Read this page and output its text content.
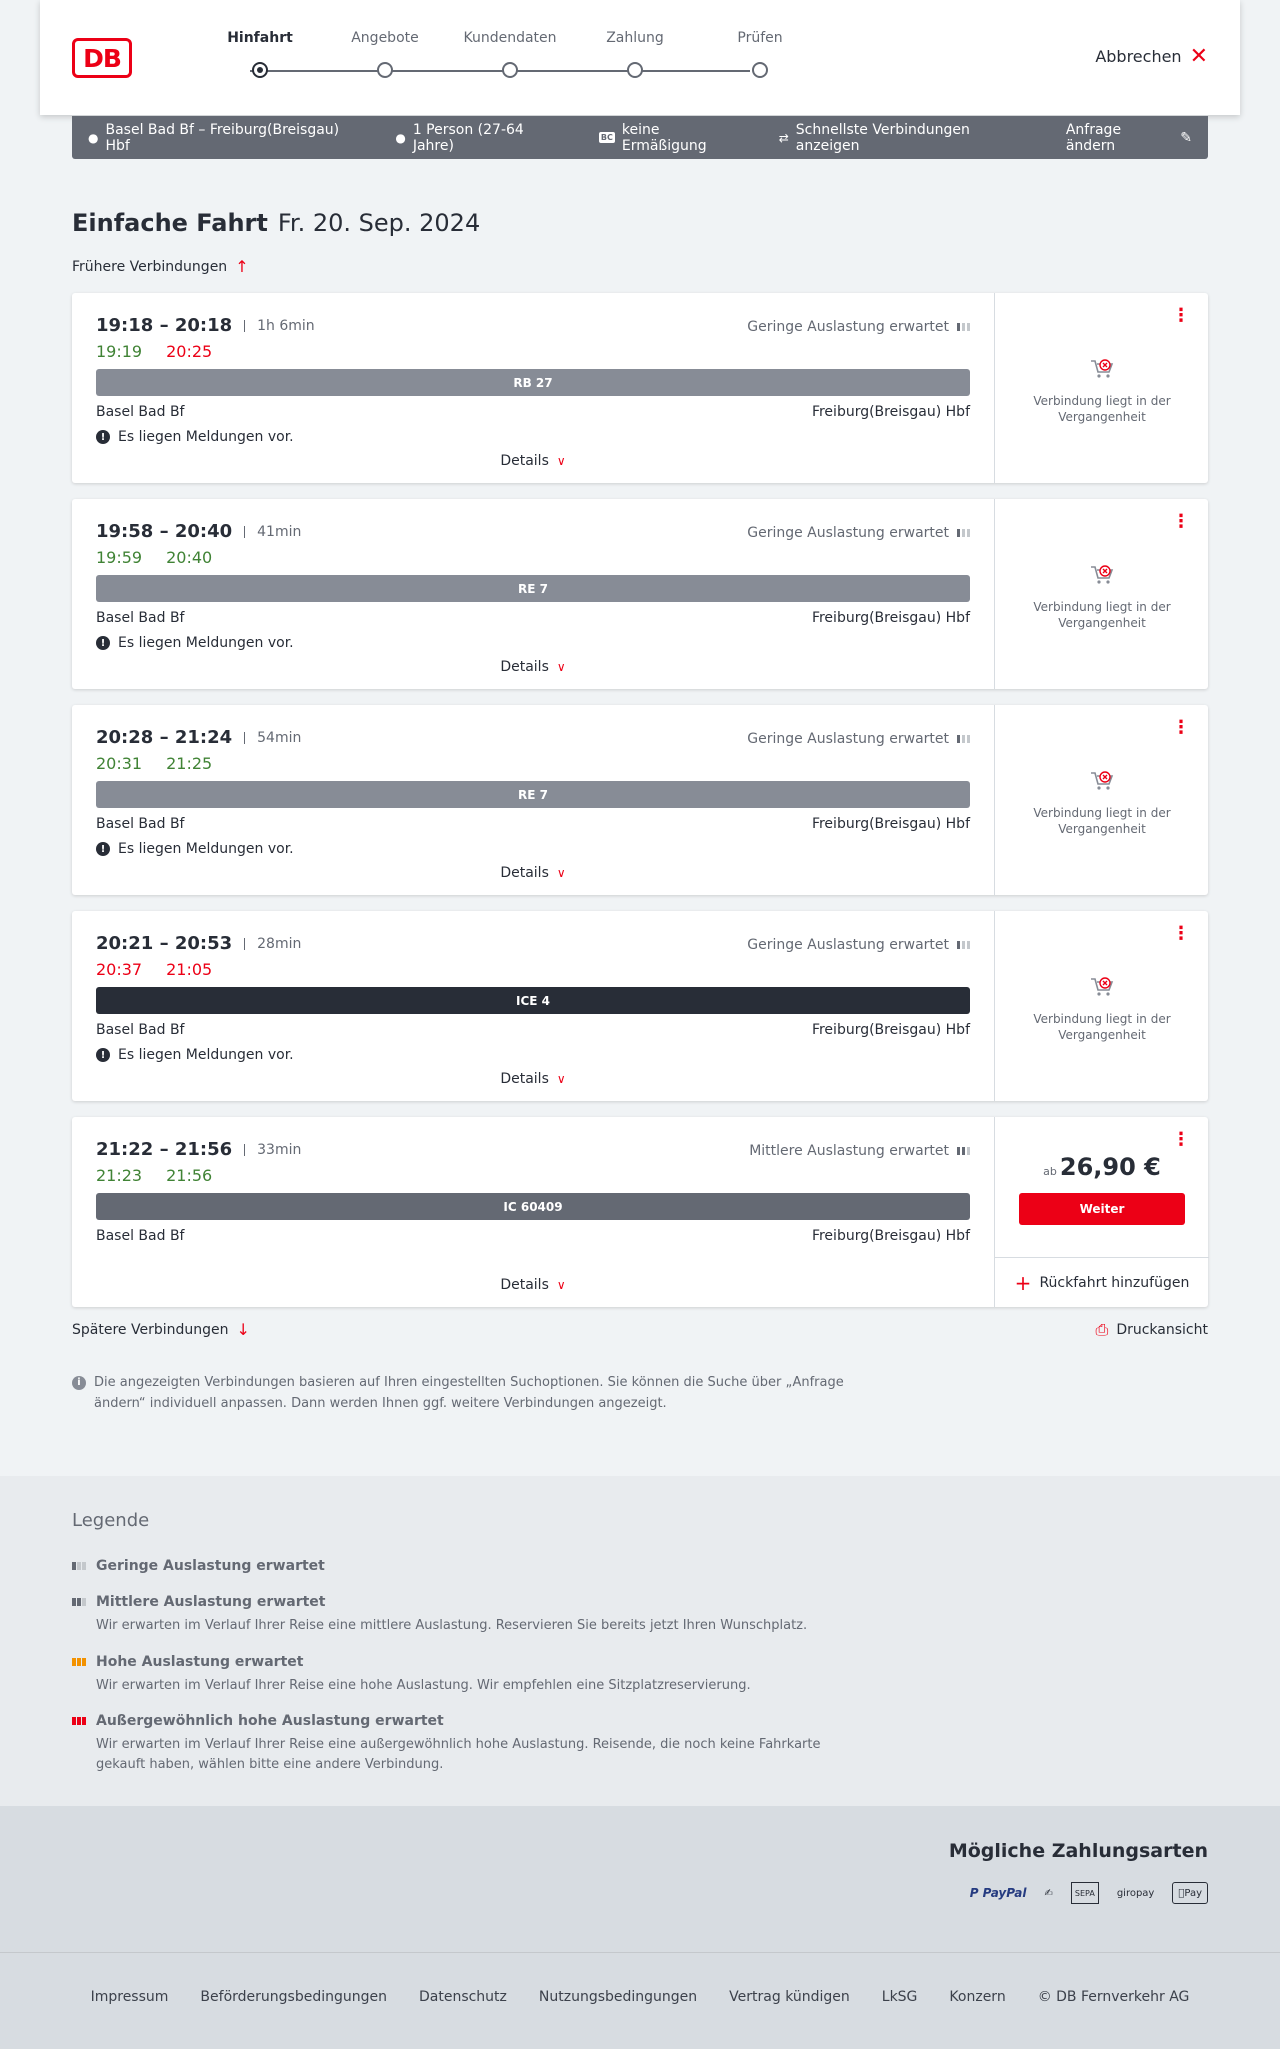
DB
Hinfahrt	Angebote	Kundendaten	Zahlung	Prüfen
Abbrechen ✕
● Basel Bad Bf – Freiburg(Breisgau) Hbf	● 1 Person (27-64 Jahre)	BC keine Ermäßigung	⇄ Schnellste Verbindungen anzeigen
Anfrage ändern	✎
Einfache Fahrt Fr. 20. Sep. 2024
Frühere Verbindungen ↑
19:18 – 20:18	1h 6min	Geringe Auslastung erwartet
19:19 20:25
RB 27
Basel Bad Bf	Freiburg(Breisgau) Hbf
! Es liegen Meldungen vor.
Details ∨
⋮
Verbindung liegt in der Vergangenheit
19:58 – 20:40	41min	Geringe Auslastung erwartet
19:59 20:40
RE 7
Basel Bad Bf	Freiburg(Breisgau) Hbf
! Es liegen Meldungen vor.
Details ∨
⋮
Verbindung liegt in der Vergangenheit
20:28 – 21:24	54min	Geringe Auslastung erwartet
20:31 21:25
RE 7
Basel Bad Bf	Freiburg(Breisgau) Hbf
! Es liegen Meldungen vor.
Details ∨
⋮
Verbindung liegt in der Vergangenheit
20:21 – 20:53	28min	Geringe Auslastung erwartet
20:37 21:05
ICE 4
Basel Bad Bf	Freiburg(Breisgau) Hbf
! Es liegen Meldungen vor.
Details ∨
⋮
Verbindung liegt in der Vergangenheit
21:22 – 21:56	33min	Mittlere Auslastung erwartet
21:23 21:56
IC 60409
Basel Bad Bf	Freiburg(Breisgau) Hbf
Details ∨
⋮
ab 26,90 €
Weiter
+ Rückfahrt hinzufügen
Spätere Verbindungen ↓	⎙ Druckansicht
i	Die angezeigten Verbindungen basieren auf Ihren eingestellten Suchoptionen. Sie können die Suche über „Anfrage ändern“ individuell anpassen. Dann werden Ihnen ggf. weitere Verbindungen angezeigt.
Legende
Geringe Auslastung erwartet
Mittlere Auslastung erwartet
Wir erwarten im Verlauf Ihrer Reise eine mittlere Auslastung. Reservieren Sie bereits jetzt Ihren Wunschplatz.
Hohe Auslastung erwartet
Wir erwarten im Verlauf Ihrer Reise eine hohe Auslastung. Wir empfehlen eine Sitzplatzreservierung.
Außergewöhnlich hohe Auslastung erwartet
Wir erwarten im Verlauf Ihrer Reise eine außergewöhnlich hohe Auslastung. Reisende, die noch keine Fahrkarte gekauft haben, wählen bitte eine andere Verbindung.
Mögliche Zahlungsarten
P PayPal	✍	SEPA	giropay	Pay
Impressum Beförderungsbedingungen Datenschutz Nutzungsbedingungen Vertrag kündigen LkSG Konzern © DB Fernverkehr AG
